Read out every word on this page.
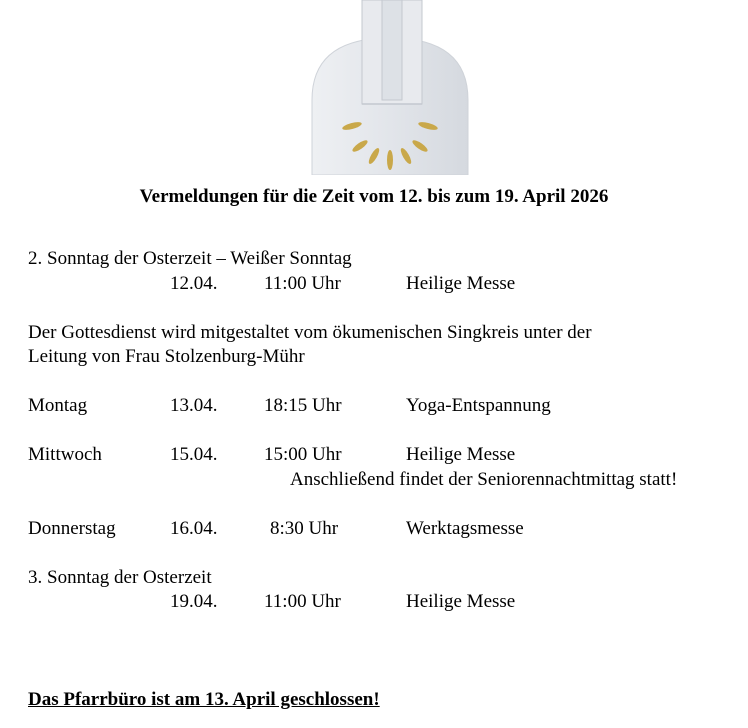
Vermeldungen für die Zeit vom 12. bis zum 19. April 2026
2. Sonntag der Osterzeit – Weißer Sonntag
12.04. 11:00 Uhr	Heilige Messe
Der Gottesdienst wird mitgestaltet vom ökumenischen Singkreis unter der
Leitung von Frau Stolzenburg-Mühr
Montag	13.04. 18:15 Uhr	Yoga-Entspannung
Mittwoch	15.04. 15:00 Uhr	Heilige Messe
Anschließend findet der Seniorennachtmittag statt!
Donnerstag	16.04.	8:30 Uhr	Werktagsmesse
3. Sonntag der Osterzeit
19.04. 11:00 Uhr	Heilige Messe
Das Pfarrbüro ist am 13. April geschlossen!
